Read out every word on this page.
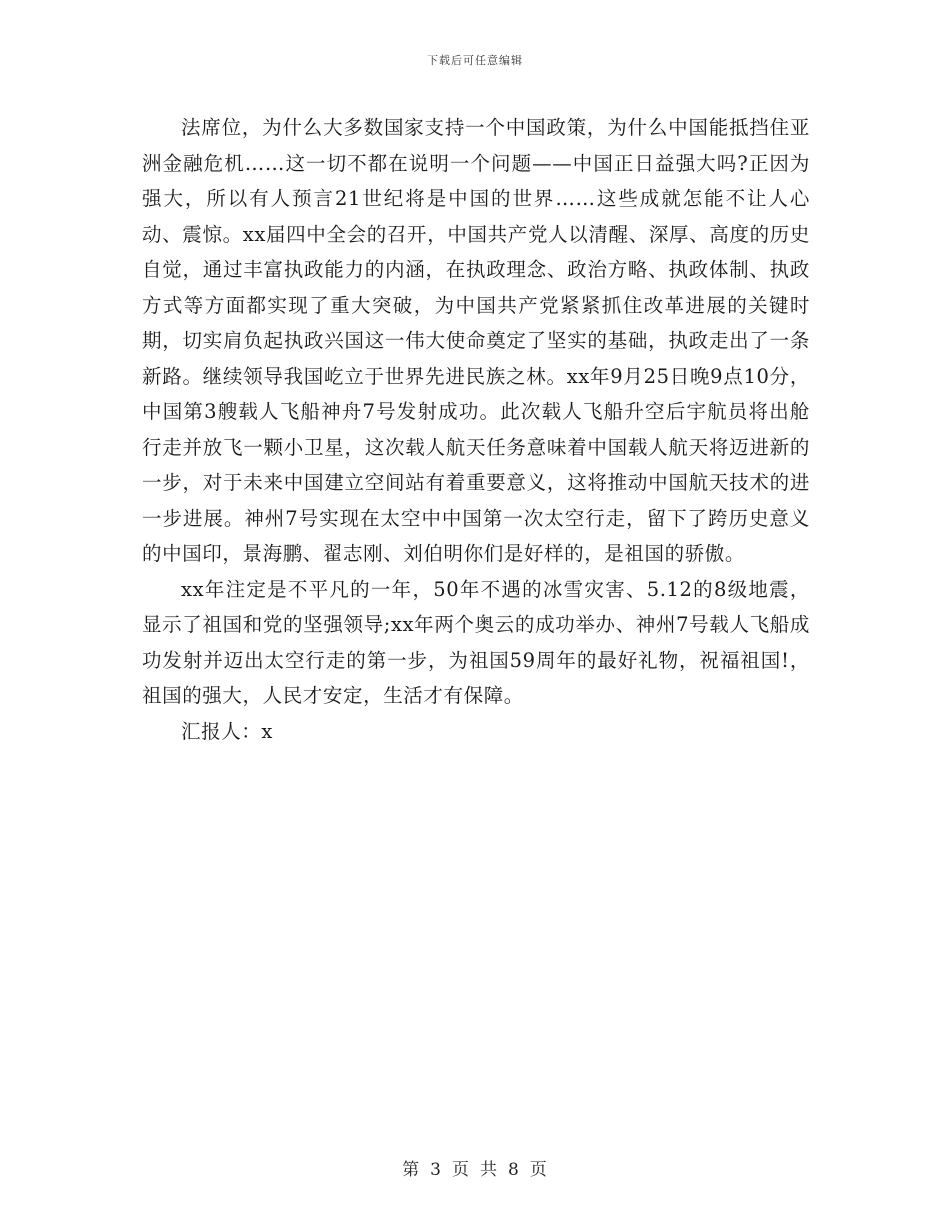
下载后可任意编辑

法席位，为什么大多数国家支持一个中国政策，为什么中国能抵挡住亚洲金融危机……这一切不都在说明一个问题——中国正日益强大吗?正因为强大，所以有人预言21世纪将是中国的世界……这些成就怎能不让人心动、震惊。xx届四中全会的召开，中国共产党人以清醒、深厚、高度的历史自觉，通过丰富执政能力的内涵，在执政理念、政治方略、执政体制、执政方式等方面都实现了重大突破，为中国共产党紧紧抓住改革进展的关键时期，切实肩负起执政兴国这一伟大使命奠定了坚实的基础，执政走出了一条新路。继续领导我国屹立于世界先进民族之林。xx年9月25日晚9点10分，中国第3艘载人飞船神舟7号发射成功。此次载人飞船升空后宇航员将出舱行走并放飞一颗小卫星，这次载人航天任务意味着中国载人航天将迈进新的一步，对于未来中国建立空间站有着重要意义，这将推动中国航天技术的进一步进展。神州7号实现在太空中中国第一次太空行走，留下了跨历史意义的中国印，景海鹏、翟志刚、刘伯明你们是好样的，是祖国的骄傲。

xx年注定是不平凡的一年，50年不遇的冰雪灾害、5.12的8级地震，显示了祖国和党的坚强领导;xx年两个奥云的成功举办、神州7号载人飞船成功发射并迈出太空行走的第一步，为祖国59周年的最好礼物，祝福祖国!，祖国的强大，人民才安定，生活才有保障。

汇报人：x

第 3 页 共 8 页
